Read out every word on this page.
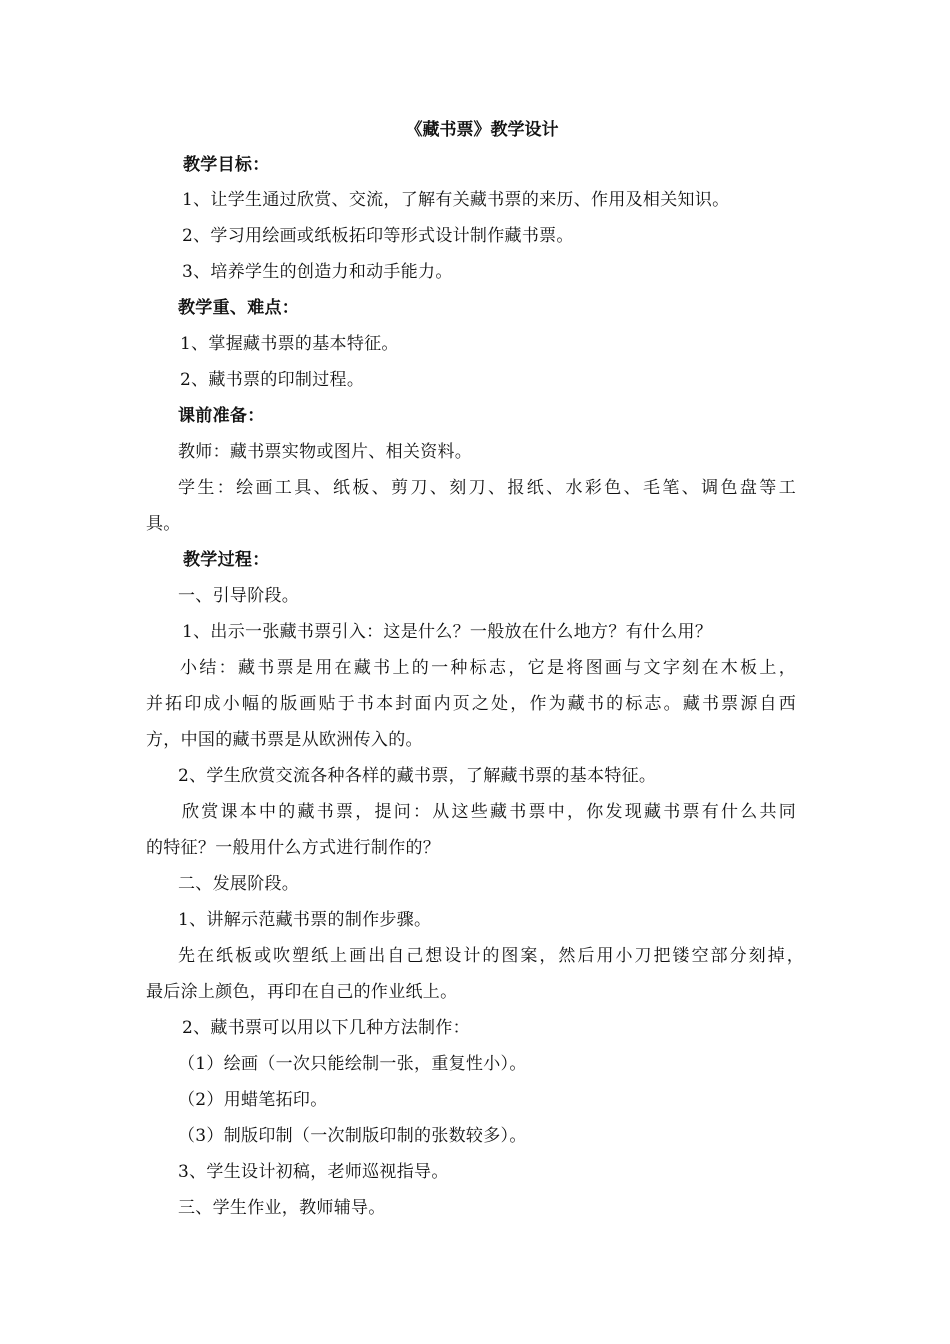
《藏书票》教学设计
教学目标：
1、让学生通过欣赏、交流，了解有关藏书票的来历、作用及相关知识。
2、学习用绘画或纸板拓印等形式设计制作藏书票。
3、培养学生的创造力和动手能力。
教学重、难点：
1、掌握藏书票的基本特征。
2、藏书票的印制过程。
课前准备：
教师：藏书票实物或图片、相关资料。
学生：绘画工具、纸板、剪刀、刻刀、报纸、水彩色、毛笔、调色盘等工
具。
教学过程：
一、引导阶段。
1、出示一张藏书票引入：这是什么？一般放在什么地方？有什么用？
小结：藏书票是用在藏书上的一种标志，它是将图画与文字刻在木板上，
并拓印成小幅的版画贴于书本封面内页之处，作为藏书的标志。藏书票源自西
方，中国的藏书票是从欧洲传入的。
2、学生欣赏交流各种各样的藏书票，了解藏书票的基本特征。
欣赏课本中的藏书票，提问：从这些藏书票中，你发现藏书票有什么共同
的特征？一般用什么方式进行制作的？
二、发展阶段。
1、讲解示范藏书票的制作步骤。
先在纸板或吹塑纸上画出自己想设计的图案，然后用小刀把镂空部分刻掉，
最后涂上颜色，再印在自己的作业纸上。
2、藏书票可以用以下几种方法制作：
（1）绘画（一次只能绘制一张，重复性小）。
（2）用蜡笔拓印。
（3）制版印制（一次制版印制的张数较多）。
3、学生设计初稿，老师巡视指导。
三、学生作业，教师辅导。
